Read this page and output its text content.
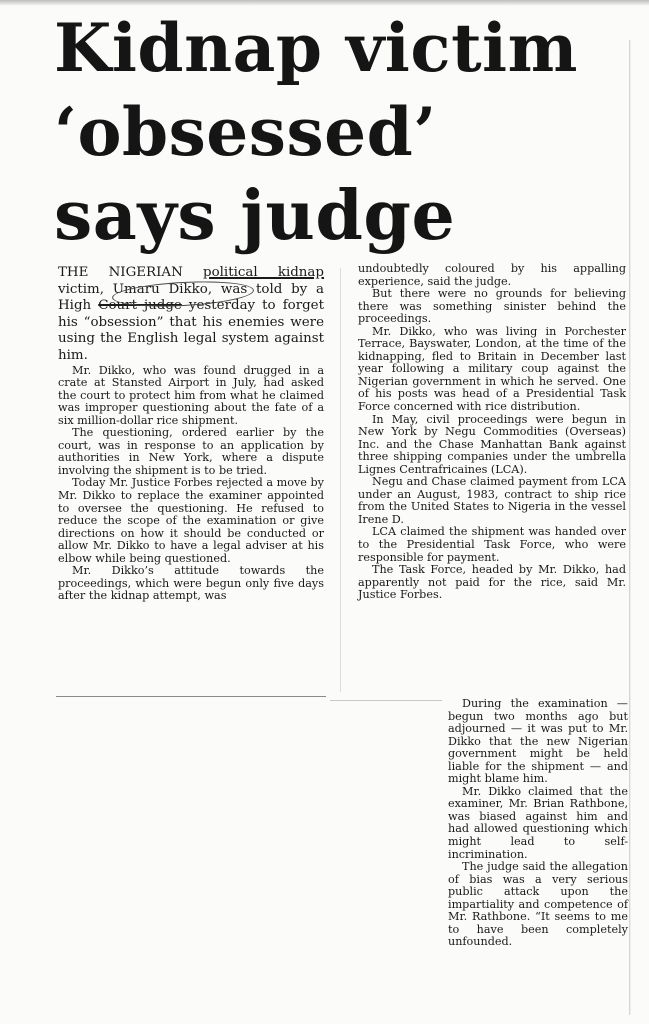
Kidnap victim
‘obsessed’
says judge

THE NIGERIAN political kidnap victim, Umaru Dikko, was told by a High Court judge yesterday to forget his “obsession” that his enemies were using the English legal system against him.

Mr. Dikko, who was found drugged in a crate at Stansted Airport in July, had asked the court to protect him from what he claimed was improper questioning about the fate of a six million-dollar rice shipment.

The questioning, ordered earlier by the court, was in response to an application by authorities in New York, where a dispute involving the shipment is to be tried.

Today Mr. Justice Forbes rejected a move by Mr. Dikko to replace the examiner appointed to oversee the questioning. He refused to reduce the scope of the examination or give directions on how it should be conducted or allow Mr. Dikko to have a legal adviser at his elbow while being questioned.

Mr. Dikko’s attitude towards the proceedings, which were begun only five days after the kidnap attempt, was

undoubtedly coloured by his appalling experience, said the judge.

But there were no grounds for believing there was something sinister behind the proceedings.

Mr. Dikko, who was living in Porchester Terrace, Bayswater, London, at the time of the kidnapping, fled to Britain in December last year following a military coup against the Nigerian government in which he served. One of his posts was head of a Presidential Task Force concerned with rice distribution.

In May, civil proceedings were begun in New York by Negu Commodities (Overseas) Inc. and the Chase Manhattan Bank against three shipping companies under the umbrella Lignes Centrafricaines (LCA).

Negu and Chase claimed payment from LCA under an August, 1983, contract to ship rice from the United States to Nigeria in the vessel Irene D.

LCA claimed the shipment was handed over to the Presidential Task Force, who were responsible for payment.

The Task Force, headed by Mr. Dikko, had apparently not paid for the rice, said Mr. Justice Forbes.

During the examination — begun two months ago but adjourned — it was put to Mr. Dikko that the new Nigerian government might be held liable for the shipment — and might blame him.

Mr. Dikko claimed that the examiner, Mr. Brian Rathbone, was biased against him and had allowed questioning which might lead to self-incrimination.

The judge said the allegation of bias was a very serious public attack upon the impartiality and competence of Mr. Rathbone. “It seems to me to have been completely unfounded.
